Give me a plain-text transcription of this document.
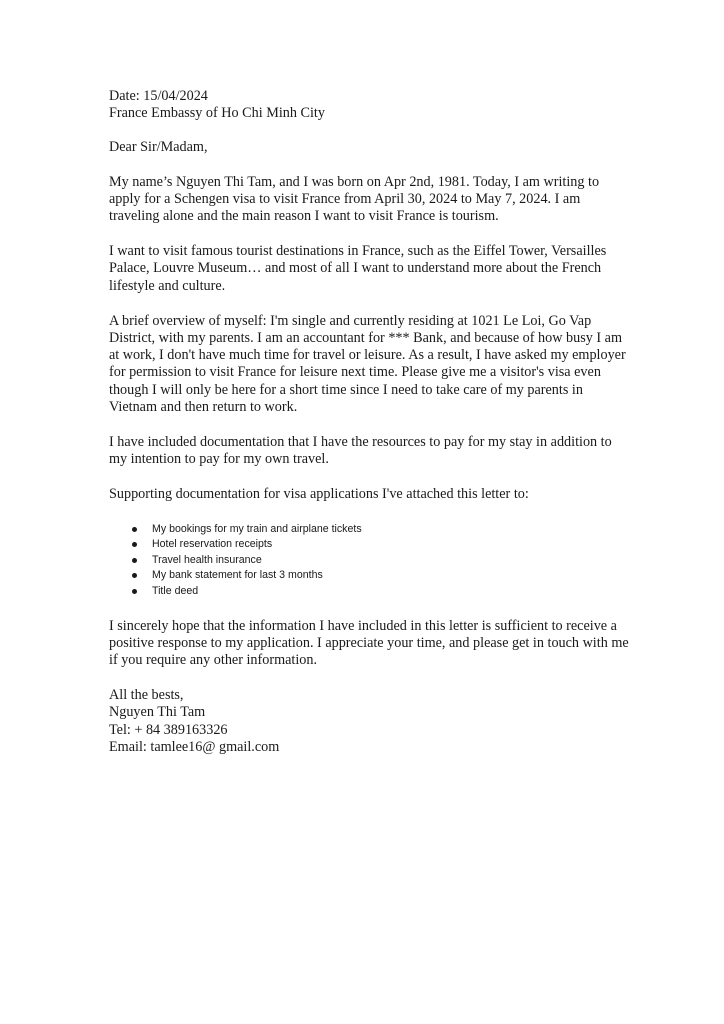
Date: 15/04/2024

France Embassy of Ho Chi Minh City

Dear Sir/Madam,

My name’s Nguyen Thi Tam, and I was born on Apr 2nd, 1981. Today, I am writing to apply for a Schengen visa to visit France from April 30, 2024 to May 7, 2024. I am traveling alone and the main reason I want to visit France is tourism.

I want to visit famous tourist destinations in France, such as the Eiffel Tower, Versailles Palace, Louvre Museum… and most of all I want to understand more about the French lifestyle and culture.

A brief overview of myself: I'm single and currently residing at 1021 Le Loi, Go Vap District, with my parents. I am an accountant for *** Bank, and because of how busy I am at work, I don't have much time for travel or leisure. As a result, I have asked my employer for permission to visit France for leisure next time. Please give me a visitor's visa even though I will only be here for a short time since I need to take care of my parents in Vietnam and then return to work.

I have included documentation that I have the resources to pay for my stay in addition to my intention to pay for my own travel.

Supporting documentation for visa applications I've attached this letter to:

My bookings for my train and airplane tickets
Hotel reservation receipts
Travel health insurance
My bank statement for last 3 months
Title deed

I sincerely hope that the information I have included in this letter is sufficient to receive a positive response to my application. I appreciate your time, and please get in touch with me if you require any other information.

All the bests,

Nguyen Thi Tam

Tel: + 84 389163326

Email: tamlee16@ gmail.com
